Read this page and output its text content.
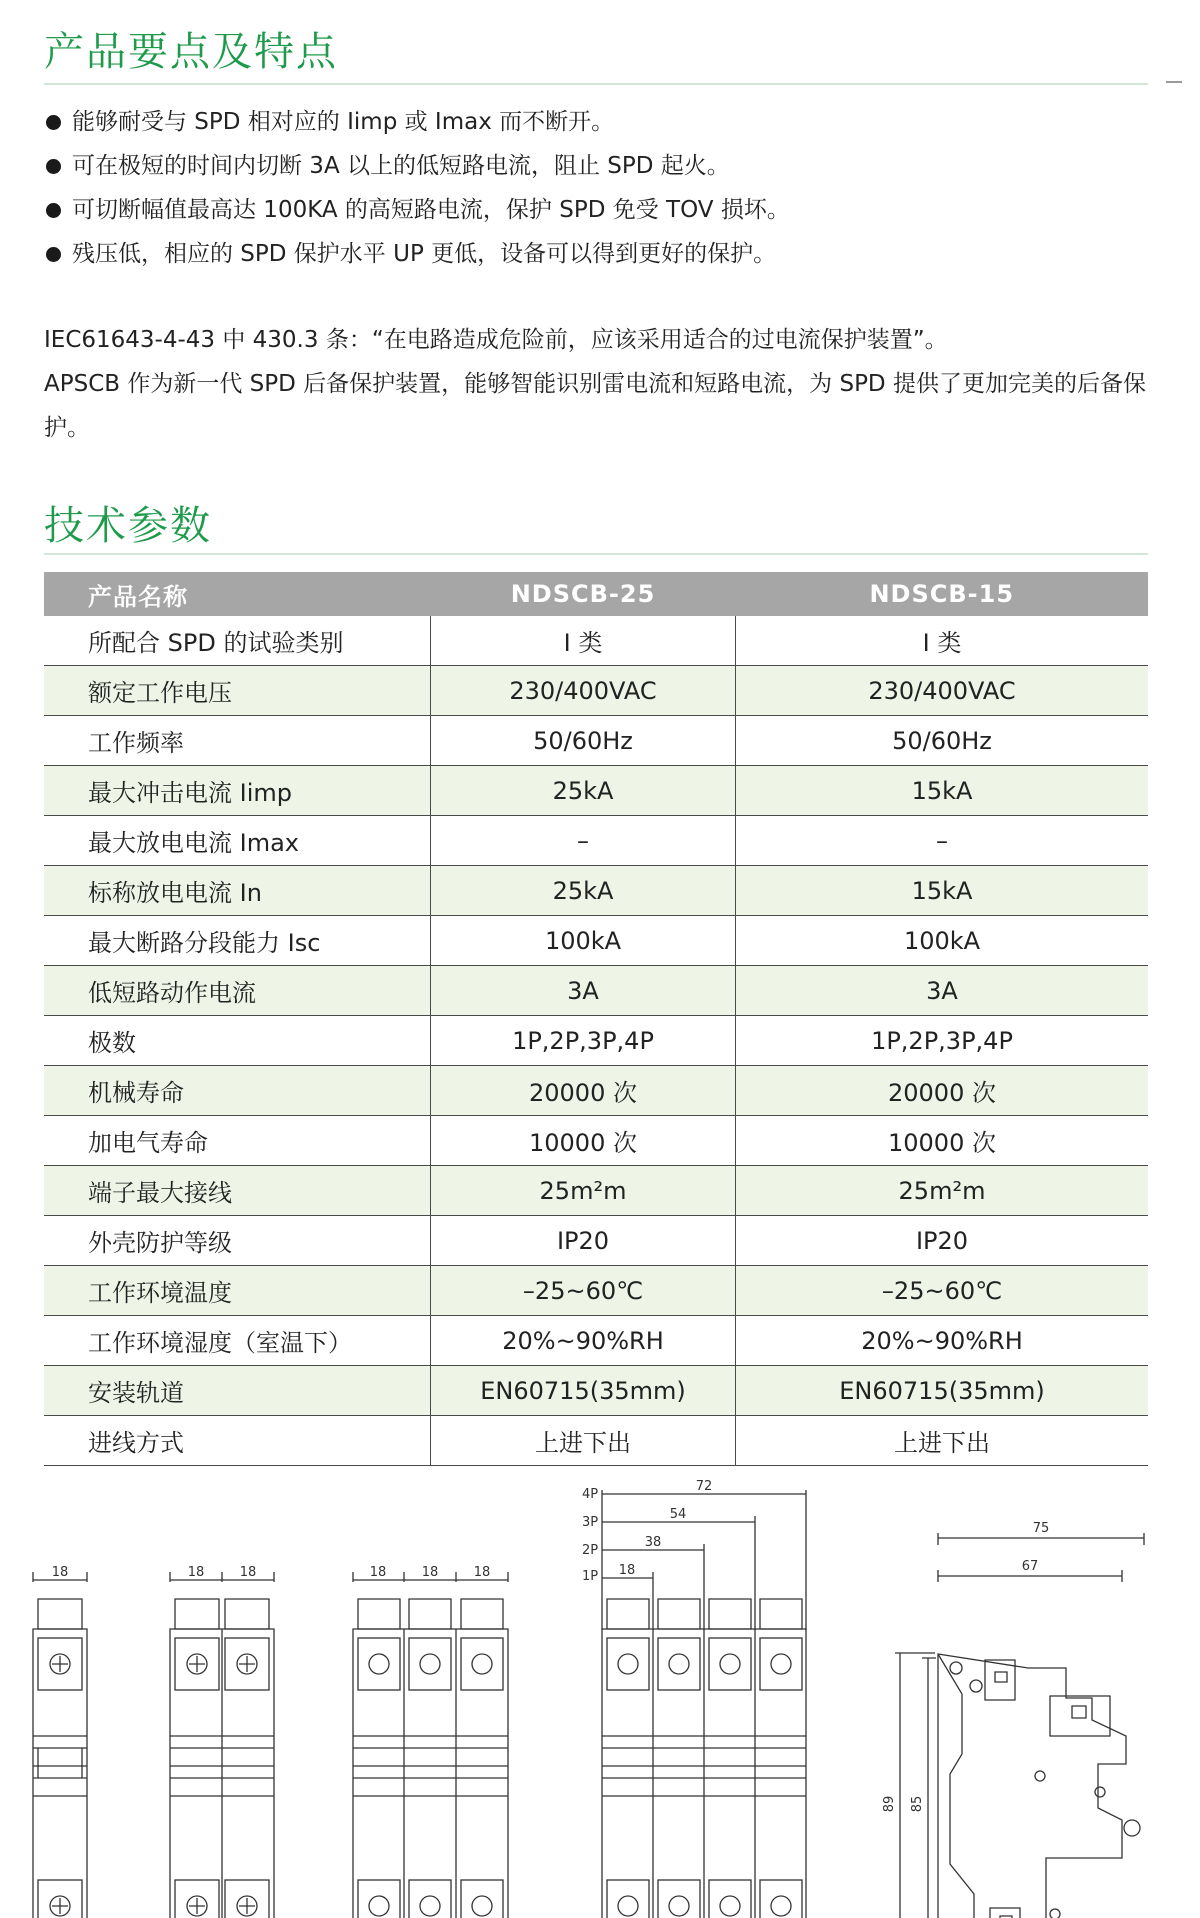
产品要点及特点
能够耐受与 SPD 相对应的 Iimp 或 Imax 而不断开。
可在极短的时间内切断 3A 以上的低短路电流，阻止 SPD 起火。
可切断幅值最高达 100KA 的高短路电流，保护 SPD 免受 TOV 损坏。
残压低，相应的 SPD 保护水平 UP 更低，设备可以得到更好的保护。
IEC61643-4-43 中 430.3 条：“在电路造成危险前，应该采用适合的过电流保护装置”。
APSCB 作为新一代 SPD 后备保护装置，能够智能识别雷电流和短路电流，为 SPD 提供了更加完美的后备保护。
技术参数
产品名称	NDSCB-25	NDSCB-15
所配合 SPD 的试验类别	I 类	I 类
额定工作电压	230/400VAC	230/400VAC
工作频率	50/60Hz	50/60Hz
最大冲击电流 Iimp	25kA	15kA
最大放电电流 Imax	–	–
标称放电电流 In	25kA	15kA
最大断路分段能力 Isc	100kA	100kA
低短路动作电流	3A	3A
极数	1P,2P,3P,4P	1P,2P,3P,4P
机械寿命	20000 次	20000 次
加电气寿命	10000 次	10000 次
端子最大接线	25m²m	25m²m
外壳防护等级	IP20	IP20
工作环境温度	–25~60℃	–25~60℃
工作环境湿度（室温下）	20%~90%RH	20%~90%RH
安装轨道	EN60715(35mm)	EN60715(35mm)
进线方式	上进下出	上进下出
18	18	18	18	18	18
4P
3P
2P
1P
72
54
38
18
75
67
89 85
